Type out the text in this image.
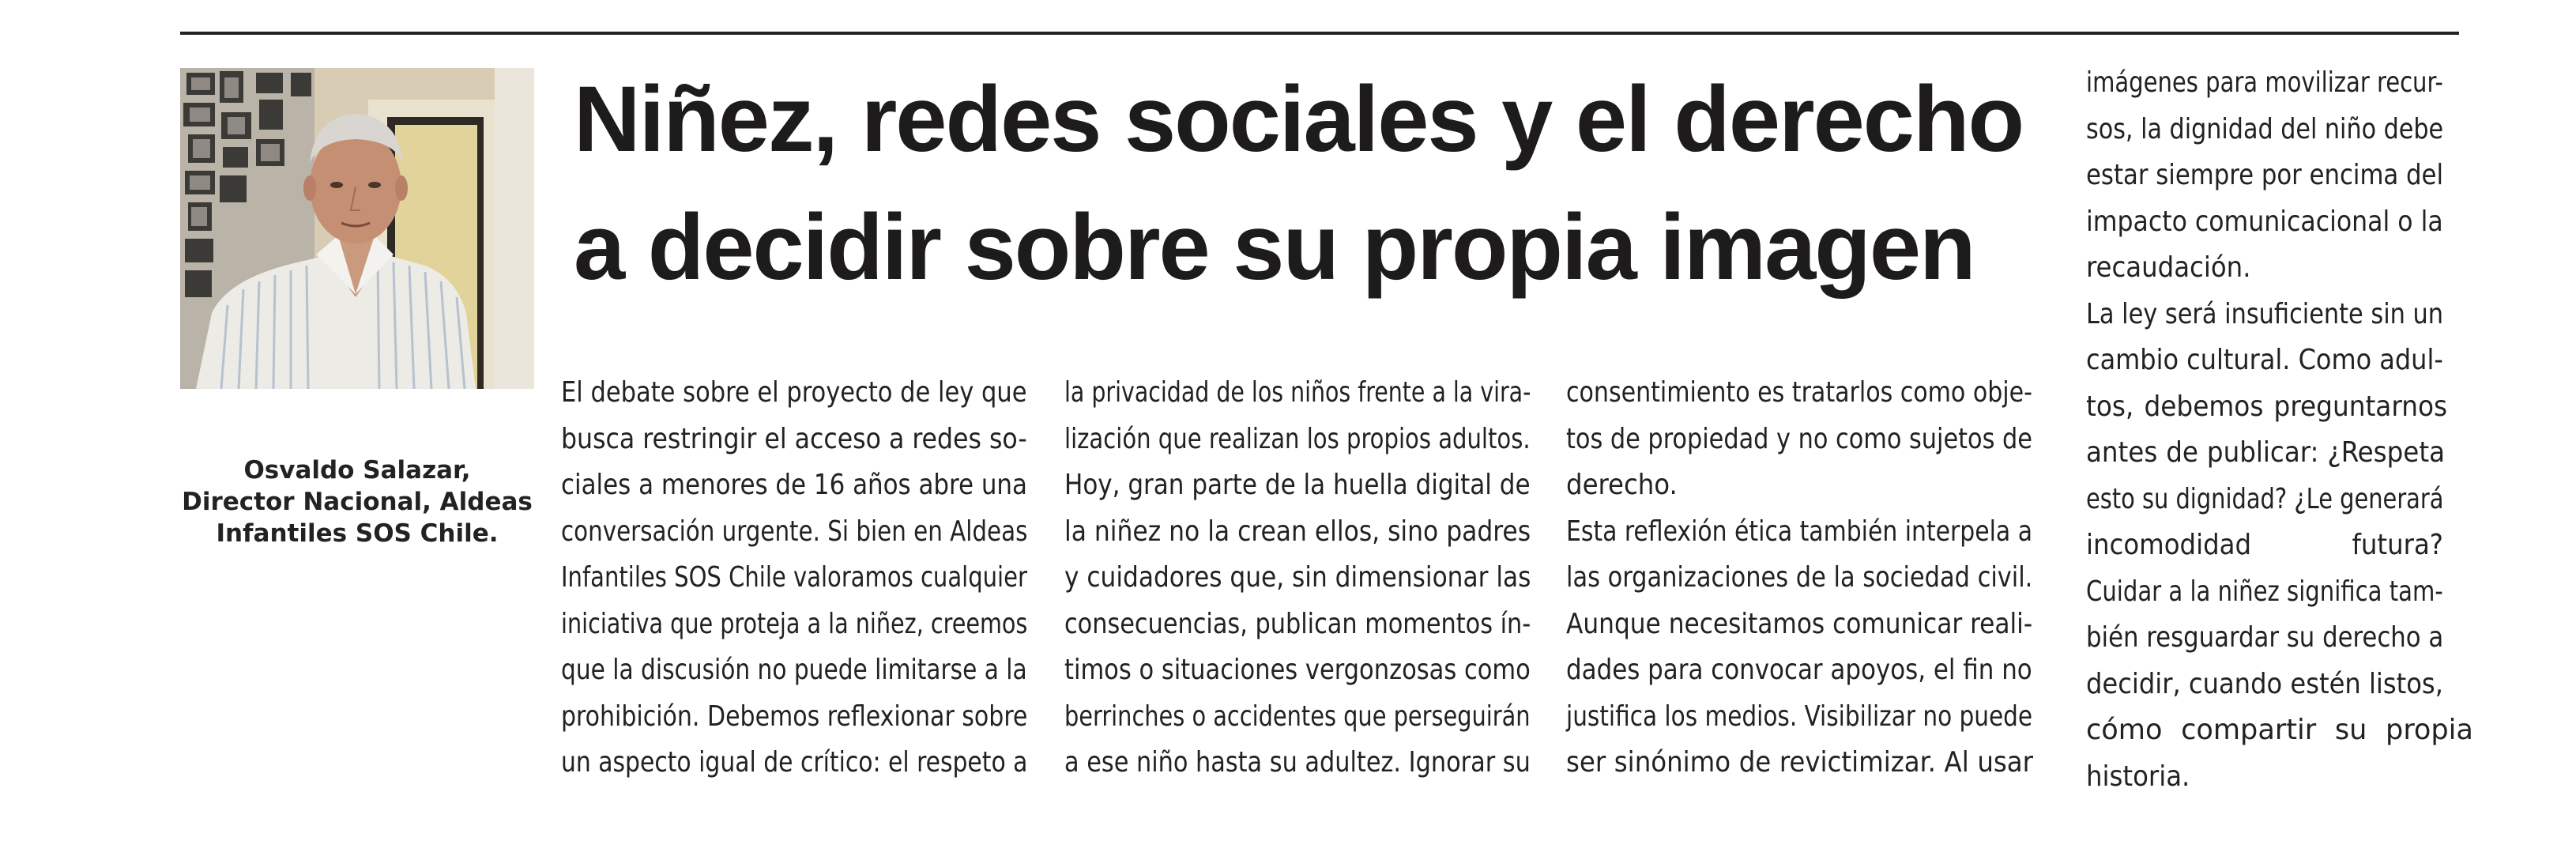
Osvaldo Salazar,
Director Nacional, Aldeas
Infantiles SOS Chile.
Niñez, redes sociales y el derecho
a decidir sobre su propia imagen
El debate sobre el proyecto de ley que
busca restringir el acceso a redes so-
ciales a menores de 16 años abre una
conversación urgente. Si bien en Aldeas
Infantiles SOS Chile valoramos cualquier
iniciativa que proteja a la niñez, creemos
que la discusión no puede limitarse a la
prohibición. Debemos reflexionar sobre
un aspecto igual de crítico: el respeto a
la privacidad de los niños frente a la vira-
lización que realizan los propios adultos.
Hoy, gran parte de la huella digital de
la niñez no la crean ellos, sino padres
y cuidadores que, sin dimensionar las
consecuencias, publican momentos ín-
timos o situaciones vergonzosas como
berrinches o accidentes que perseguirán
a ese niño hasta su adultez. Ignorar su
consentimiento es tratarlos como obje-
tos de propiedad y no como sujetos de
derecho.
Esta reflexión ética también interpela a
las organizaciones de la sociedad civil.
Aunque necesitamos comunicar reali-
dades para convocar apoyos, el fin no
justifica los medios. Visibilizar no puede
ser sinónimo de revictimizar. Al usar
imágenes para movilizar recur-
sos, la dignidad del niño debe
estar siempre por encima del
impacto comunicacional o la
recaudación.
La ley será insuficiente sin un
cambio cultural. Como adul-
tos, debemos preguntarnos
antes de publicar: ¿Respeta
esto su dignidad? ¿Le generará
incomodidad futura?
Cuidar a la niñez significa tam-
bién resguardar su derecho a
decidir, cuando estén listos,
cómo compartir su propia
historia.
